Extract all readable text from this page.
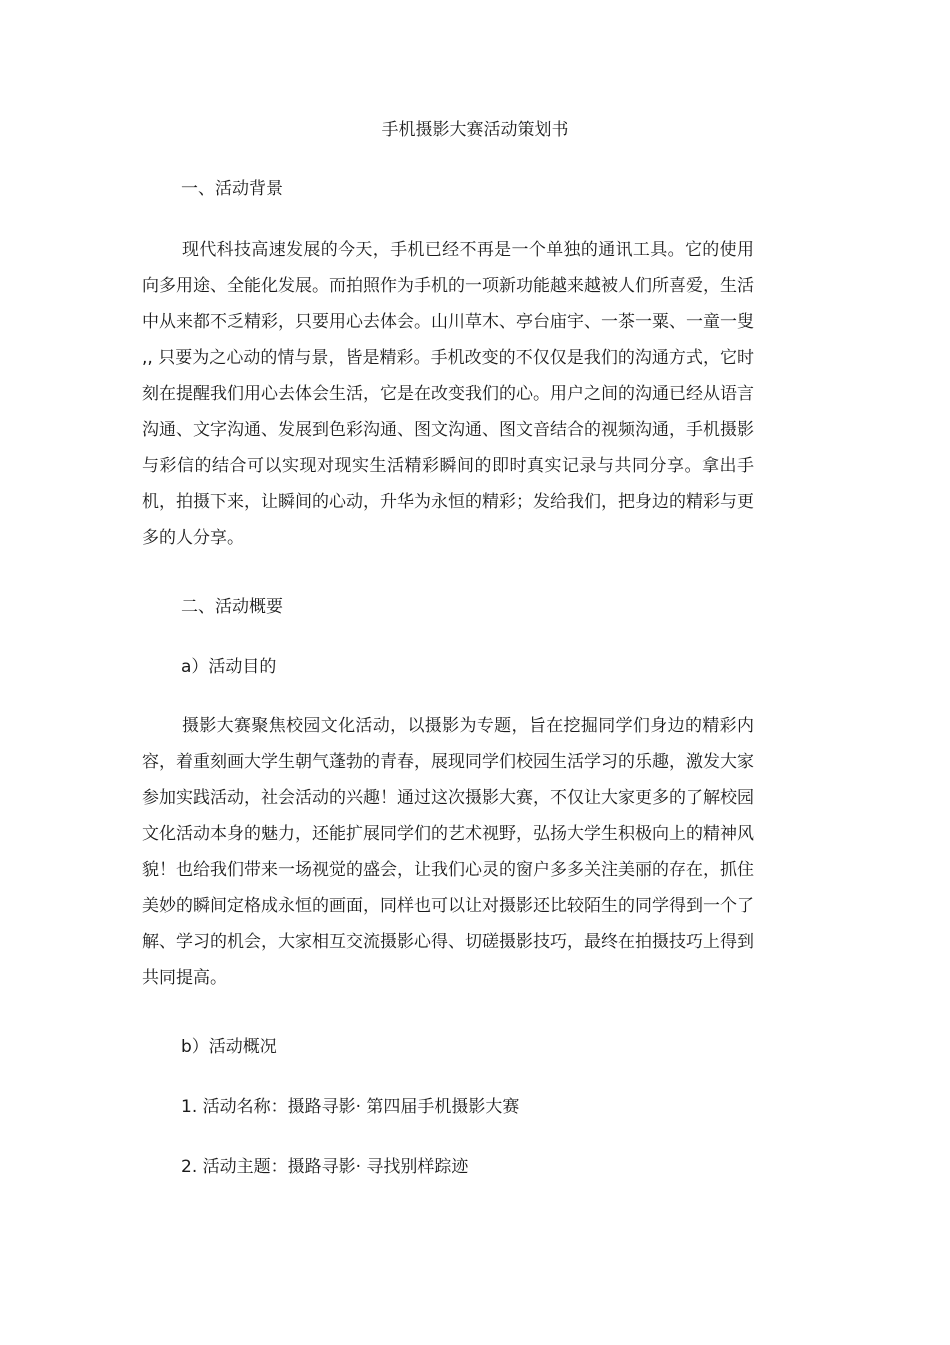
手机摄影大赛活动策划书
一、活动背景
现代科技高速发展的今天，手机已经不再是一个单独的通讯工具。它的使用向多用途、全能化发展。而拍照作为手机的一项新功能越来越被人们所喜爱，生活中从来都不乏精彩，只要用心去体会。山川草木、亭台庙宇、一茶一粟、一童一叟 ,, 只要为之心动的情与景，皆是精彩。手机改变的不仅仅是我们的沟通方式，它时刻在提醒我们用心去体会生活，它是在改变我们的心。用户之间的沟通已经从语言沟通、文字沟通、发展到色彩沟通、图文沟通、图文音结合的视频沟通，手机摄影与彩信的结合可以实现对现实生活精彩瞬间的即时真实记录与共同分享。拿出手机，拍摄下来，让瞬间的心动，升华为永恒的精彩；发给我们，把身边的精彩与更多的人分享。
二、活动概要
a）活动目的
摄影大赛聚焦校园文化活动，以摄影为专题，旨在挖掘同学们身边的精彩内容，着重刻画大学生朝气蓬勃的青春，展现同学们校园生活学习的乐趣，激发大家参加实践活动，社会活动的兴趣！通过这次摄影大赛，不仅让大家更多的了解校园文化活动本身的魅力，还能扩展同学们的艺术视野，弘扬大学生积极向上的精神风貌！也给我们带来一场视觉的盛会，让我们心灵的窗户多多关注美丽的存在，抓住美妙的瞬间定格成永恒的画面，同样也可以让对摄影还比较陌生的同学得到一个了解、学习的机会，大家相互交流摄影心得、切磋摄影技巧，最终在拍摄技巧上得到共同提高。
b）活动概况
1. 活动名称：摄路寻影· 第四届手机摄影大赛
2. 活动主题：摄路寻影· 寻找别样踪迹
